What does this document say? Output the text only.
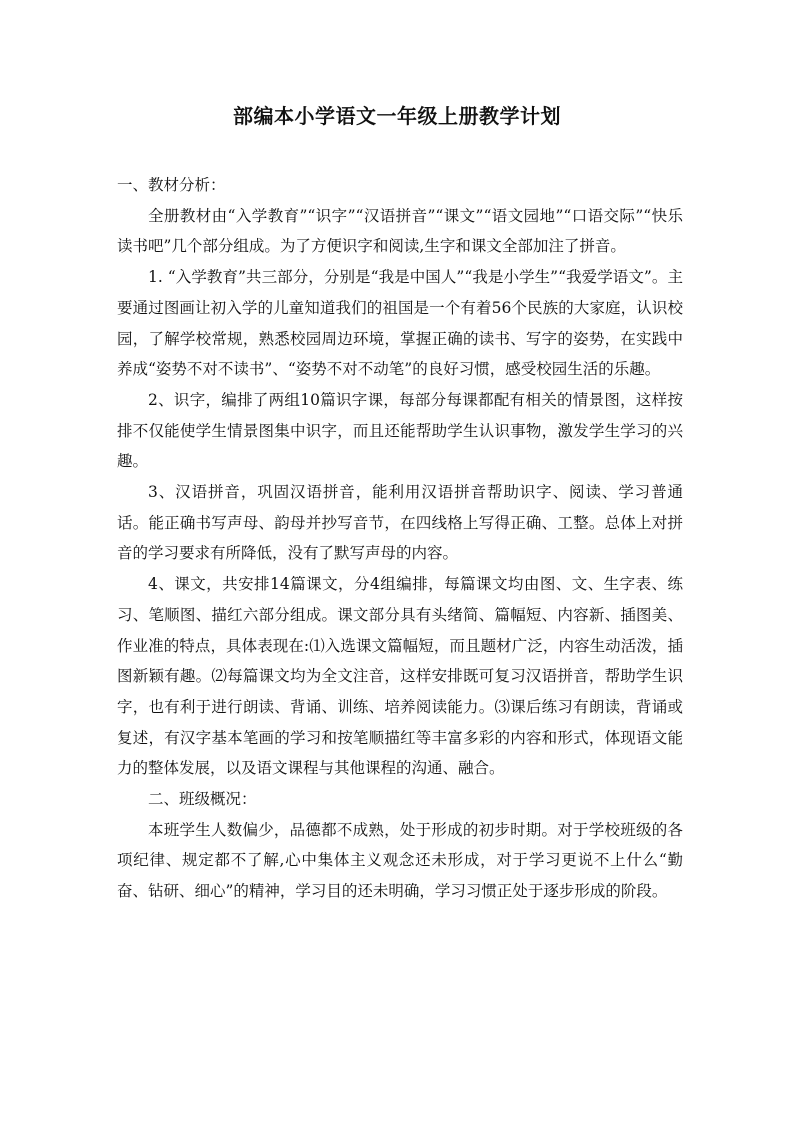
部编本小学语文一年级上册教学计划

一、教材分析：

全册教材由“入学教育”“识字”“汉语拼音”“课文”“语文园地”“口语交际”“快乐读书吧”几个部分组成。为了方便识字和阅读,生字和课文全部加注了拼音。

1. “入学教育”共三部分，分别是“我是中国人”“我是小学生”“我爱学语文”。主要通过图画让初入学的儿童知道我们的祖国是一个有着56个民族的大家庭，认识校园，了解学校常规，熟悉校园周边环境，掌握正确的读书、写字的姿势，在实践中养成“姿势不对不读书”、“姿势不对不动笔”的良好习惯，感受校园生活的乐趣。

2、识字，编排了两组10篇识字课，每部分每课都配有相关的情景图，这样按排不仅能使学生情景图集中识字，而且还能帮助学生认识事物，激发学生学习的兴趣。

3、汉语拼音，巩固汉语拼音，能利用汉语拼音帮助识字、阅读、学习普通话。能正确书写声母、韵母并抄写音节，在四线格上写得正确、工整。总体上对拼音的学习要求有所降低，没有了默写声母的内容。

4、课文，共安排14篇课文，分4组编排，每篇课文均由图、文、生字表、练习、笔顺图、描红六部分组成。课文部分具有头绪简、篇幅短、内容新、插图美、作业准的特点，具体表现在:⑴入选课文篇幅短，而且题材广泛，内容生动活泼，插图新颖有趣。⑵每篇课文均为全文注音，这样安排既可复习汉语拼音，帮助学生识字，也有利于进行朗读、背诵、训练、培养阅读能力。⑶课后练习有朗读，背诵或复述，有汉字基本笔画的学习和按笔顺描红等丰富多彩的内容和形式，体现语文能力的整体发展，以及语文课程与其他课程的沟通、融合。

二、班级概况：

本班学生人数偏少，品德都不成熟，处于形成的初步时期。对于学校班级的各项纪律、规定都不了解,心中集体主义观念还未形成，对于学习更说不上什么“勤奋、钻研、细心”的精神，学习目的还未明确，学习习惯正处于逐步形成的阶段。
